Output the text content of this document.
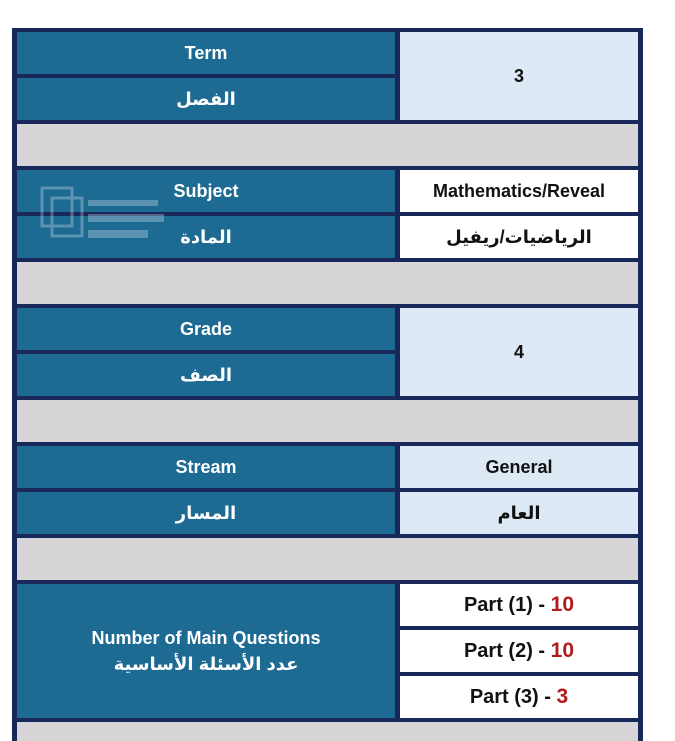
Term
الفصل
3
Subject
المادة
Mathematics/Reveal
الرياضيات/ريفيل
Grade
الصف
4
Stream
المسار
General
العام
Number of Main Questions
عدد الأسئلة الأساسية
Part (1) - 10
Part (2) - 10
Part (3) - 3
